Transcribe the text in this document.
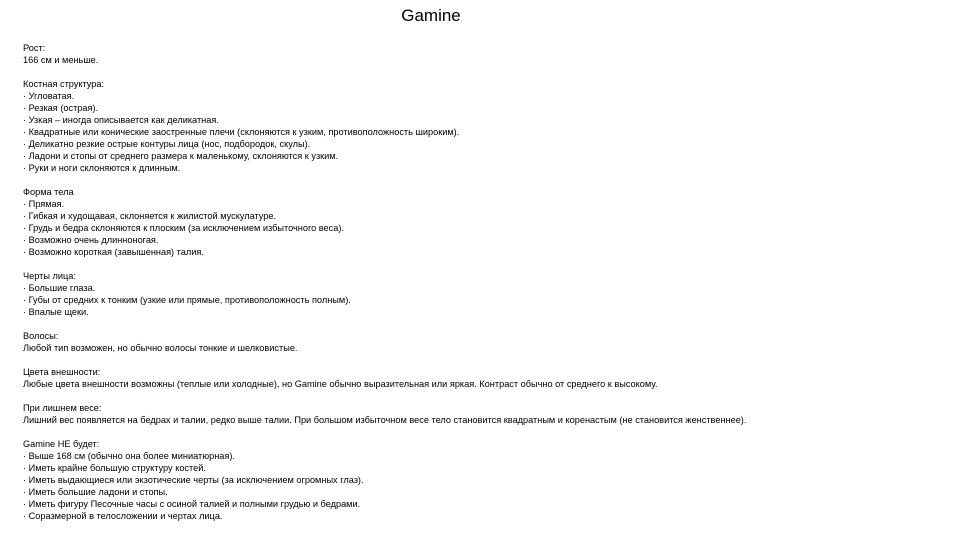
Gamine
Рост:
166 см и меньше.
Костная структура:
· Угловатая.
· Резкая (острая).
· Узкая – иногда описывается как деликатная.
· Квадратные или конические заостренные плечи (склоняются к узким, противоположность широким).
· Деликатно резкие острые контуры лица (нос, подбородок, скулы).
· Ладони и стопы от среднего размера к маленькому, склоняются к узким.
· Руки и ноги склоняются к длинным.
Форма тела
· Прямая.
· Гибкая и худощавая, склоняется к жилистой мускулатуре.
· Грудь и бедра склоняются к плоским (за исключением избыточного веса).
· Возможно очень длинноногая.
· Возможно короткая (завышенная) талия.
Черты лица:
· Большие глаза.
· Губы от средних к тонким (узкие или прямые, противоположность полным).
· Впалые щеки.
Волосы:
Любой тип возможен, но обычно волосы тонкие и шелковистые.
Цвета внешности:
Любые цвета внешности возможны (теплые или холодные), но Gamine обычно выразительная или яркая. Контраст обычно от среднего к высокому.
При лишнем весе:
Лишний вес появляется на бедрах и талии, редко выше талии. При большом избыточном весе тело становится квадратным и коренастым (не становится женственнее).
Gamine НЕ будет:
· Выше 168 см (обычно она более миниатюрная).
· Иметь крайне большую структуру костей.
· Иметь выдающиеся или экзотические черты (за исключением огромных глаз).
· Иметь большие ладони и стопы.
· Иметь фигуру Песочные часы с осиной талией и полными грудью и бедрами.
· Соразмерной в телосложении и чертах лица.
